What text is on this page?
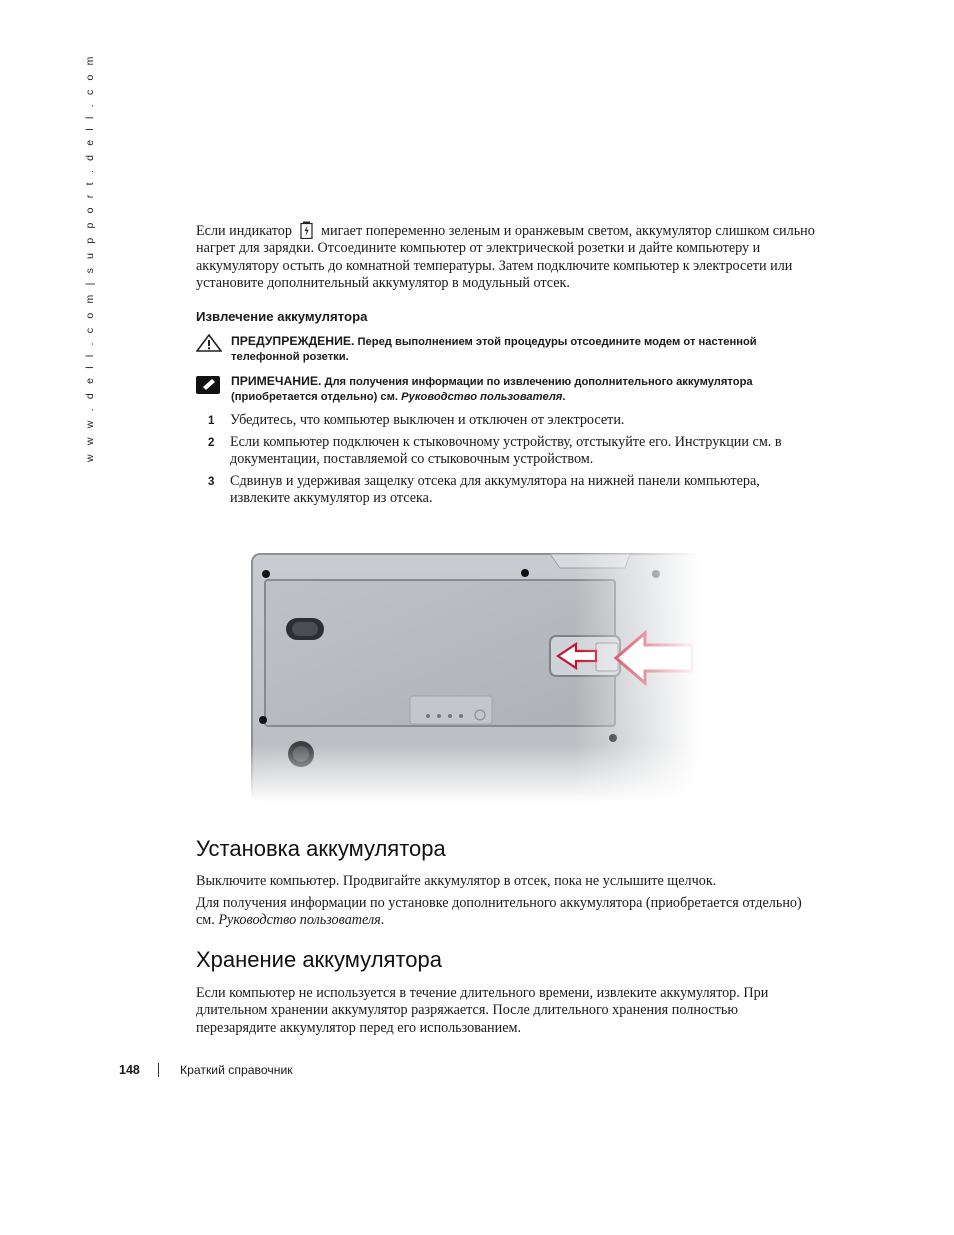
w w w . d e l l . c o m | s u p p o r t . d e l l . c o m	Если индикатор мигает попеременно зеленым и оранжевым светом, аккумулятор слишком сильно нагрет для зарядки. Отсоедините компьютер от электрической розетки и дайте компьютеру и аккумулятору остыть до комнатной температуры. Затем подключите компьютер к электросети или установите дополнительный аккумулятор в модульный отсек.

Извлечение аккумулятора
ПРЕДУПРЕЖДЕНИЕ. Перед выполнением этой процедуры отсоедините модем от настенной телефонной розетки.
ПРИМЕЧАНИЕ. Для получения информации по извлечению дополнительного аккумулятора (приобретается отдельно) см. Руководство пользователя.
1 Убедитесь, что компьютер выключен и отключен от электросети.
2 Если компьютер подключен к стыковочному устройству, отстыкуйте его. Инструкции см. в документации, поставляемой со стыковочным устройством.
3 Сдвинув и удерживая защелку отсека для аккумулятора на нижней панели компьютера, извлеките аккумулятор из отсека.
Установка аккумулятора

Выключите компьютер. Продвигайте аккумулятор в отсек, пока не услышите щелчок.

Для получения информации по установке дополнительного аккумулятора (приобретается отдельно) см. Руководство пользователя.

Хранение аккумулятора

Если компьютер не используется в течение длительного времени, извлеките аккумулятор. При длительном хранении аккумулятор разряжается. После длительного хранения полностью перезарядите аккумулятор перед его использованием.

148	Краткий справочник
